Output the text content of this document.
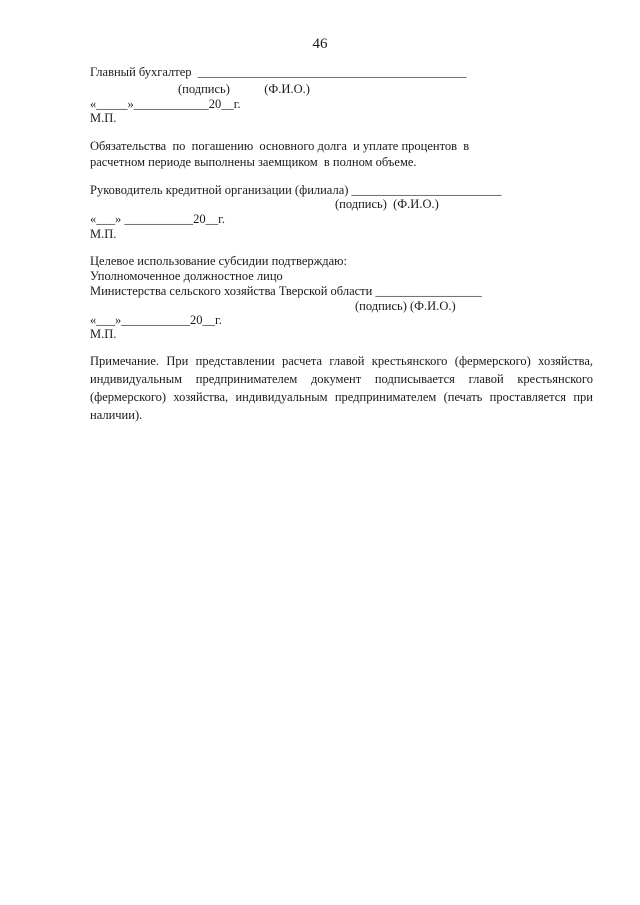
46
Главный бухгалтер  ___________________________________________
(подпись)           (Ф.И.О.)
«_____»____________20__г.
М.П.
Обязательства  по  погашению  основного долга  и уплате процентов  в
расчетном периоде выполнены заемщиком  в полном объеме.
Руководитель кредитной организации (филиала) ________________________
(подпись)  (Ф.И.О.)
«___» ___________20__г.
М.П.
Целевое использование субсидии подтверждаю:
Уполномоченное должностное лицо
Министерства сельского хозяйства Тверской области _________________
(подпись) (Ф.И.О.)
«___»___________20__г.
М.П.
Примечание. При представлении расчета главой крестьянского (фермерского) хозяйства, индивидуальным предпринимателем документ подписывается главой крестьянского (фермерского) хозяйства, индивидуальным предпринимателем (печать проставляется при наличии).
